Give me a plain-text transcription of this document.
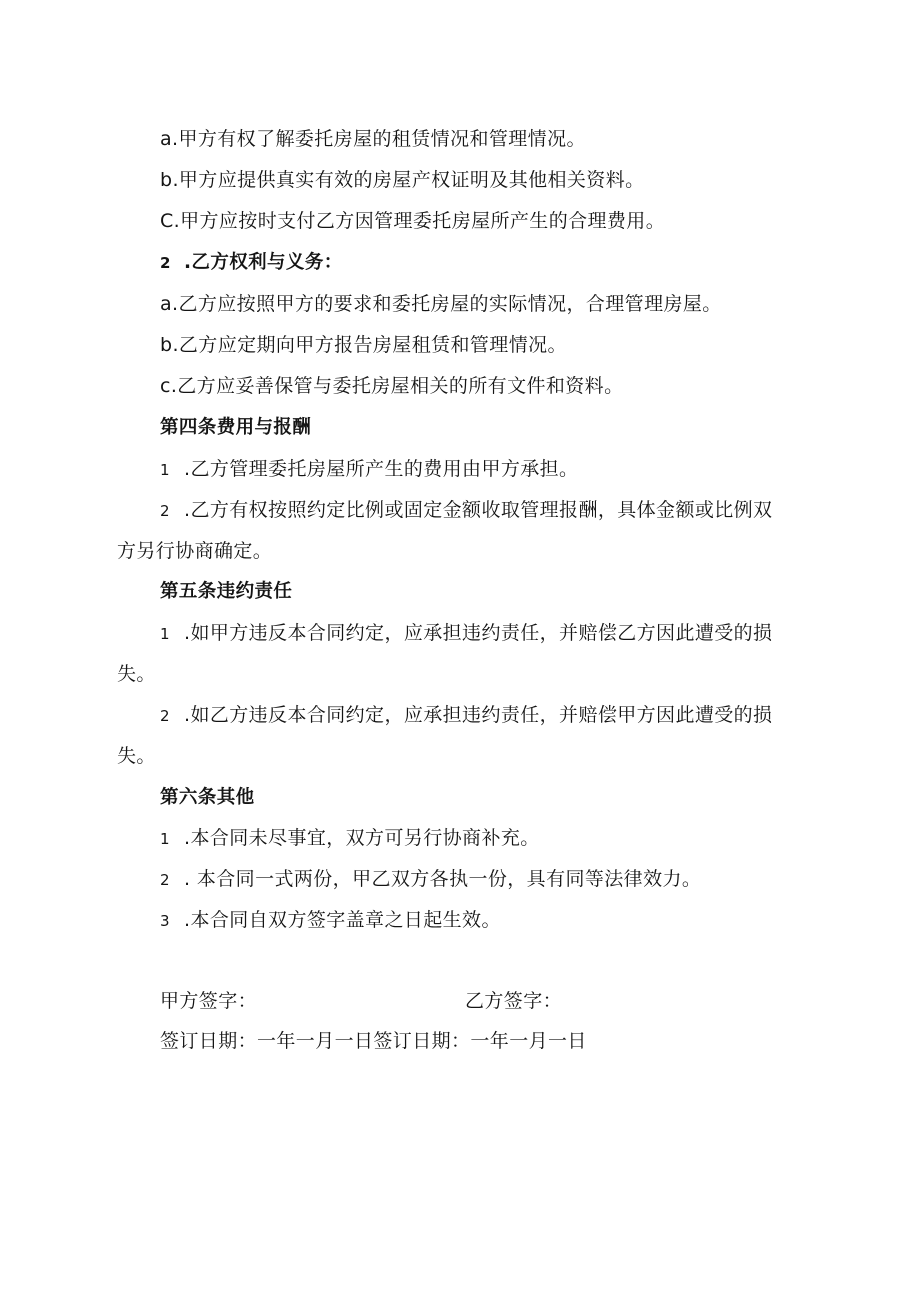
a.甲方有权了解委托房屋的租赁情况和管理情况。
b.甲方应提供真实有效的房屋产权证明及其他相关资料。
C.甲方应按时支付乙方因管理委托房屋所产生的合理费用。
2 .乙方权利与义务：
a.乙方应按照甲方的要求和委托房屋的实际情况，合理管理房屋。
b.乙方应定期向甲方报告房屋租赁和管理情况。
c.乙方应妥善保管与委托房屋相关的所有文件和资料。
第四条费用与报酬
1 .乙方管理委托房屋所产生的费用由甲方承担。
2 .乙方有权按照约定比例或固定金额收取管理报酬，具体金额或比例双
方另行协商确定。
第五条违约责任
1 .如甲方违反本合同约定，应承担违约责任，并赔偿乙方因此遭受的损
失。
2 .如乙方违反本合同约定，应承担违约责任，并赔偿甲方因此遭受的损
失。
第六条其他
1 .本合同未尽事宜，双方可另行协商补充。
2 . 本合同一式两份，甲乙双方各执一份，具有同等法律效力。
3 .本合同自双方签字盖章之日起生效。
甲方签字：	乙方签字：
签订日期：一年一月一日签订日期：一年一月一日
